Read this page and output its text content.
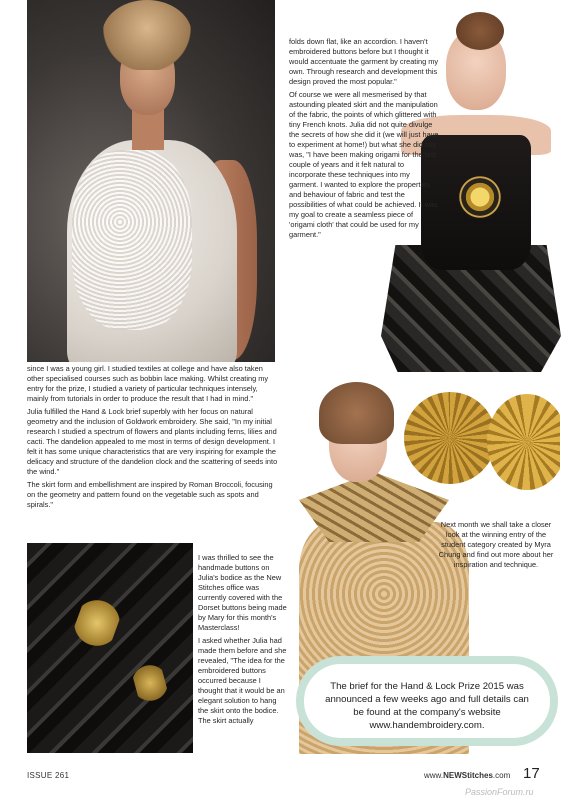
folds down flat, like an accordion. I haven't embroidered buttons before but I thought it would accentuate the garment by creating my own. Through research and development this design proved the most popular."

Of course we were all mesmerised by that astounding pleated skirt and the manipulation of the fabric, the points of which glittered with tiny French knots. Julia did not quite divulge the secrets of how she did it (we will just have to experiment at home!) but what she did say was, "I have been making origami for the last couple of years and it felt natural to incorporate these techniques into my garment. I wanted to explore the properties and behaviour of fabric and test the possibilities of what could be achieved. It was my goal to create a seamless piece of 'origami cloth' that could be used for my garment."

since I was a young girl. I studied textiles at college and have also taken other specialised courses such as bobbin lace making. Whilst creating my entry for the prize, I studied a variety of particular techniques intensely, mainly from tutorials in order to produce the result that I had in mind."

Julia fulfilled the Hand & Lock brief superbly with her focus on natural geometry and the inclusion of Goldwork embroidery. She said, "In my initial research I studied a spectrum of flowers and plants including ferns, lilies and cacti. The dandelion appealed to me most in terms of design development. I felt it has some unique characteristics that are very inspiring for example the delicacy and structure of the dandelion clock and the scattering of seeds into the wind."

The skirt form and embellishment are inspired by Roman Broccoli, focusing on the geometry and pattern found on the vegetable such as spots and spirals."

I was thrilled to see the handmade buttons on Julia's bodice as the New Stitches office was currently covered with the Dorset buttons being made by Mary for this month's Masterclass!

I asked whether Julia had made them before and she revealed, "The idea for the embroidered buttons occurred because I thought that it would be an elegant solution to hang the skirt onto the bodice. The skirt actually

Next month we shall take a closer look at the winning entry of the student category created by Myra Chung and find out more about her inspiration and technique.
The brief for the Hand & Lock Prize 2015 was announced a few weeks ago and full details can be found at the company's website www.handembroidery.com.
ISSUE 261	www.NEWStitches.com 17
PassionForum.ru
